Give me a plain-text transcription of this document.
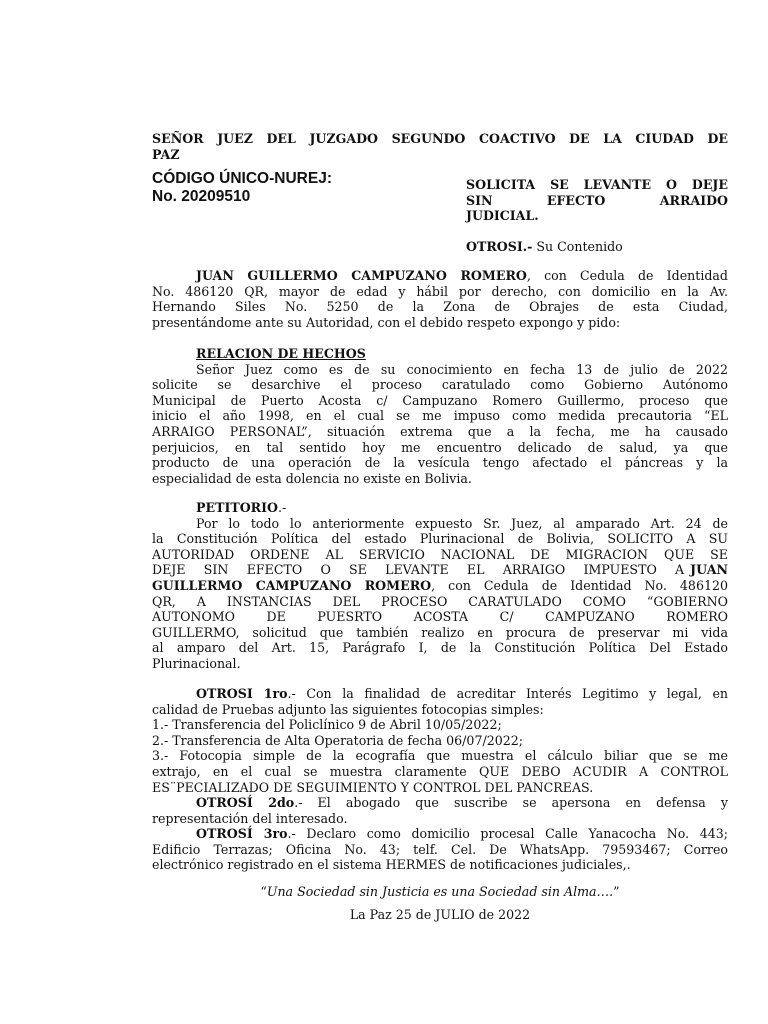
SEÑOR JUEZ DEL JUZGADO SEGUNDO COACTIVO DE LA CIUDAD DE
PAZ
CÓDIGO ÚNICO-NUREJ:
No. 20209510
SOLICITA SE LEVANTE O DEJE
SIN	EFECTO	ARRAIDO
JUDICIAL.
OTROSI.- Su Contenido
JUAN GUILLERMO CAMPUZANO ROMERO, con Cedula de Identidad
No. 486120 QR, mayor de edad y hábil por derecho, con domicilio en la Av.
Hernando Siles No. 5250 de la Zona de Obrajes de esta Ciudad,
presentándome ante su Autoridad, con el debido respeto expongo y pido:
RELACION DE HECHOS
Señor Juez como es de su conocimiento en fecha 13 de julio de 2022
solicite se desarchive el proceso caratulado como Gobierno Autónomo
Municipal de Puerto Acosta c/ Campuzano Romero Guillermo, proceso que
inicio el año 1998, en el cual se me impuso como medida precautoria “EL
ARRAIGO PERSONAL”, situación extrema que a la fecha, me ha causado
perjuicios, en tal sentido hoy me encuentro delicado de salud, ya que
producto de una operación de la vesícula tengo afectado el páncreas y la
especialidad de esta dolencia no existe en Bolivia.
PETITORIO.-
Por lo todo lo anteriormente expuesto Sr. Juez, al amparado Art. 24 de
la Constitución Política del estado Plurinacional de Bolivia, SOLICITO A SU
AUTORIDAD ORDENE AL SERVICIO NACIONAL DE MIGRACION QUE SE
DEJE SIN EFECTO O SE LEVANTE EL ARRAIGO IMPUESTO A JUAN
GUILLERMO CAMPUZANO ROMERO, con Cedula de Identidad No. 486120
QR, A INSTANCIAS DEL PROCESO CARATULADO COMO “GOBIERNO
AUTONOMO DE PUESRTO ACOSTA C/ CAMPUZANO ROMERO
GUILLERMO, solicitud que también realizo en procura de preservar mi vida
al amparo del Art. 15, Parágrafo I, de la Constitución Política Del Estado
Plurinacional.
OTROSI 1ro.- Con la finalidad de acreditar Interés Legitimo y legal, en
calidad de Pruebas adjunto las siguientes fotocopias simples:
1.- Transferencia del Policlínico 9 de Abril 10/05/2022;
2.- Transferencia de Alta Operatoria de fecha 06/07/2022;
3.- Fotocopia simple de la ecografía que muestra el cálculo biliar que se me
extrajo, en el cual se muestra claramente QUE DEBO ACUDIR A CONTROL
ES¨PECIALIZADO DE SEGUIMIENTO Y CONTROL DEL PANCREAS.
OTROSÍ 2do.- El abogado que suscribe se apersona en defensa y
representación del interesado.
OTROSÍ 3ro.- Declaro como domicilio procesal Calle Yanacocha No. 443;
Edificio Terrazas; Oficina No. 43; telf. Cel. De WhatsApp. 79593467; Correo
electrónico registrado en el sistema HERMES de notificaciones judiciales,.
“Una Sociedad sin Justicia es una Sociedad sin Alma….”
La Paz 25 de JULIO de 2022
